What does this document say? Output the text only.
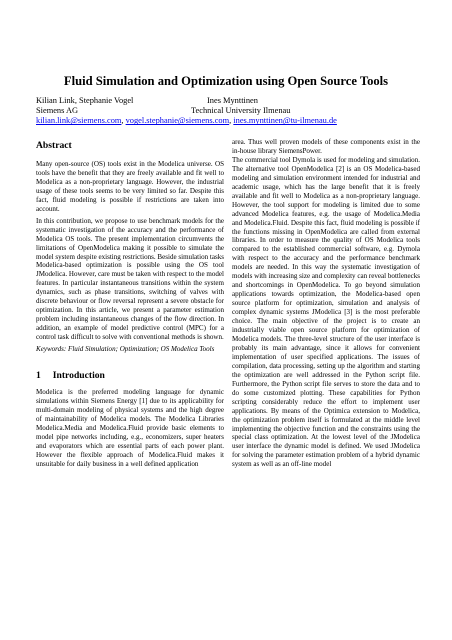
Fluid Simulation and Optimization using Open Source Tools
Kilian Link, Stephanie Vogel	Ines Mynttinen
Siemens AG	Technical University Ilmenau
kilian.link@siemens.com, vogel.stephanie@siemens.com, ines.mynttinen@tu-ilmenau.de
Abstract

Many open-source (OS) tools exist in the Modelica universe. OS tools have the benefit that they are freely available and fit well to Modelica as a non-proprietary language. However, the industrial usage of these tools seems to be very limited so far. Despite this fact, fluid modeling is possible if restrictions are taken into account.

In this contribution, we propose to use benchmark models for the systematic investigation of the accuracy and the performance of Modelica OS tools. The present implementation circumvents the limitations of OpenModelica making it possible to simulate the model system despite existing restrictions. Beside simulation tasks Modelica-based optimization is possible using the OS tool JModelica. However, care must be taken with respect to the model features. In particular instantaneous transitions within the system dynamics, such as phase transitions, switching of valves with discrete behaviour or flow reversal represent a severe obstacle for optimization. In this article, we present a parameter estimation problem including instantaneous changes of the flow direction. In addition, an example of model predictive control (MPC) for a control task difficult to solve with conventional methods is shown.

Keywords: Fluid Simulation; Optimization; OS Modelica Tools

1 Introduction

Modelica is the preferred modeling language for dynamic simulations within Siemens Energy [1] due to its applicability for multi-domain modeling of physical systems and the high degree of maintainability of Modelica models. The Modelica Libraries Modelica.Media and Modelica.Fluid provide basic elements to model pipe networks including, e.g., economizers, super heaters and evaporators which are essential parts of each power plant. However the flexible approach of Modelica.Fluid makes it unsuitable for daily business in a well defined application

area. Thus well proven models of these components exist in the in-house library SiemensPower.

The commercial tool Dymola is used for modeling and simulation. The alternative tool OpenModelica [2] is an OS Modelica-based modeling and simulation environment intended for industrial and academic usage, which has the large benefit that it is freely available and fit well to Modelica as a non-proprietary language. However, the tool support for modeling is limited due to some advanced Modelica features, e.g. the usage of Modelica.Media and Modelica.Fluid. Despite this fact, fluid modeling is possible if the functions missing in OpenModelica are called from external libraries. In order to measure the quality of OS Modelica tools compared to the established commercial software, e.g. Dymola with respect to the accuracy and the performance benchmark models are needed. In this way the systematic investigation of models with increasing size and complexity can reveal bottlenecks and shortcomings in OpenModelica. To go beyond simulation applications towards optimization, the Modelica-based open source platform for optimization, simulation and analysis of complex dynamic systems JModelica [3] is the most preferable choice. The main objective of the project is to create an industrially viable open source platform for optimization of Modelica models. The three-level structure of the user interface is probably its main advantage, since it allows for convenient implementation of user specified applications. The issues of compilation, data processing, setting up the algorithm and starting the optimization are well addressed in the Python script file. Furthermore, the Python script file serves to store the data and to do some customized plotting. These capabilities for Python scripting considerably reduce the effort to implement user applications. By means of the Optimica extension to Modelica, the optimization problem itself is formulated at the middle level implementing the objective function and the constraints using the special class optimization. At the lowest level of the JModelica user interface the dynamic model is defined. We used JModelica for solving the parameter estimation problem of a hybrid dynamic system as well as an off-line model
